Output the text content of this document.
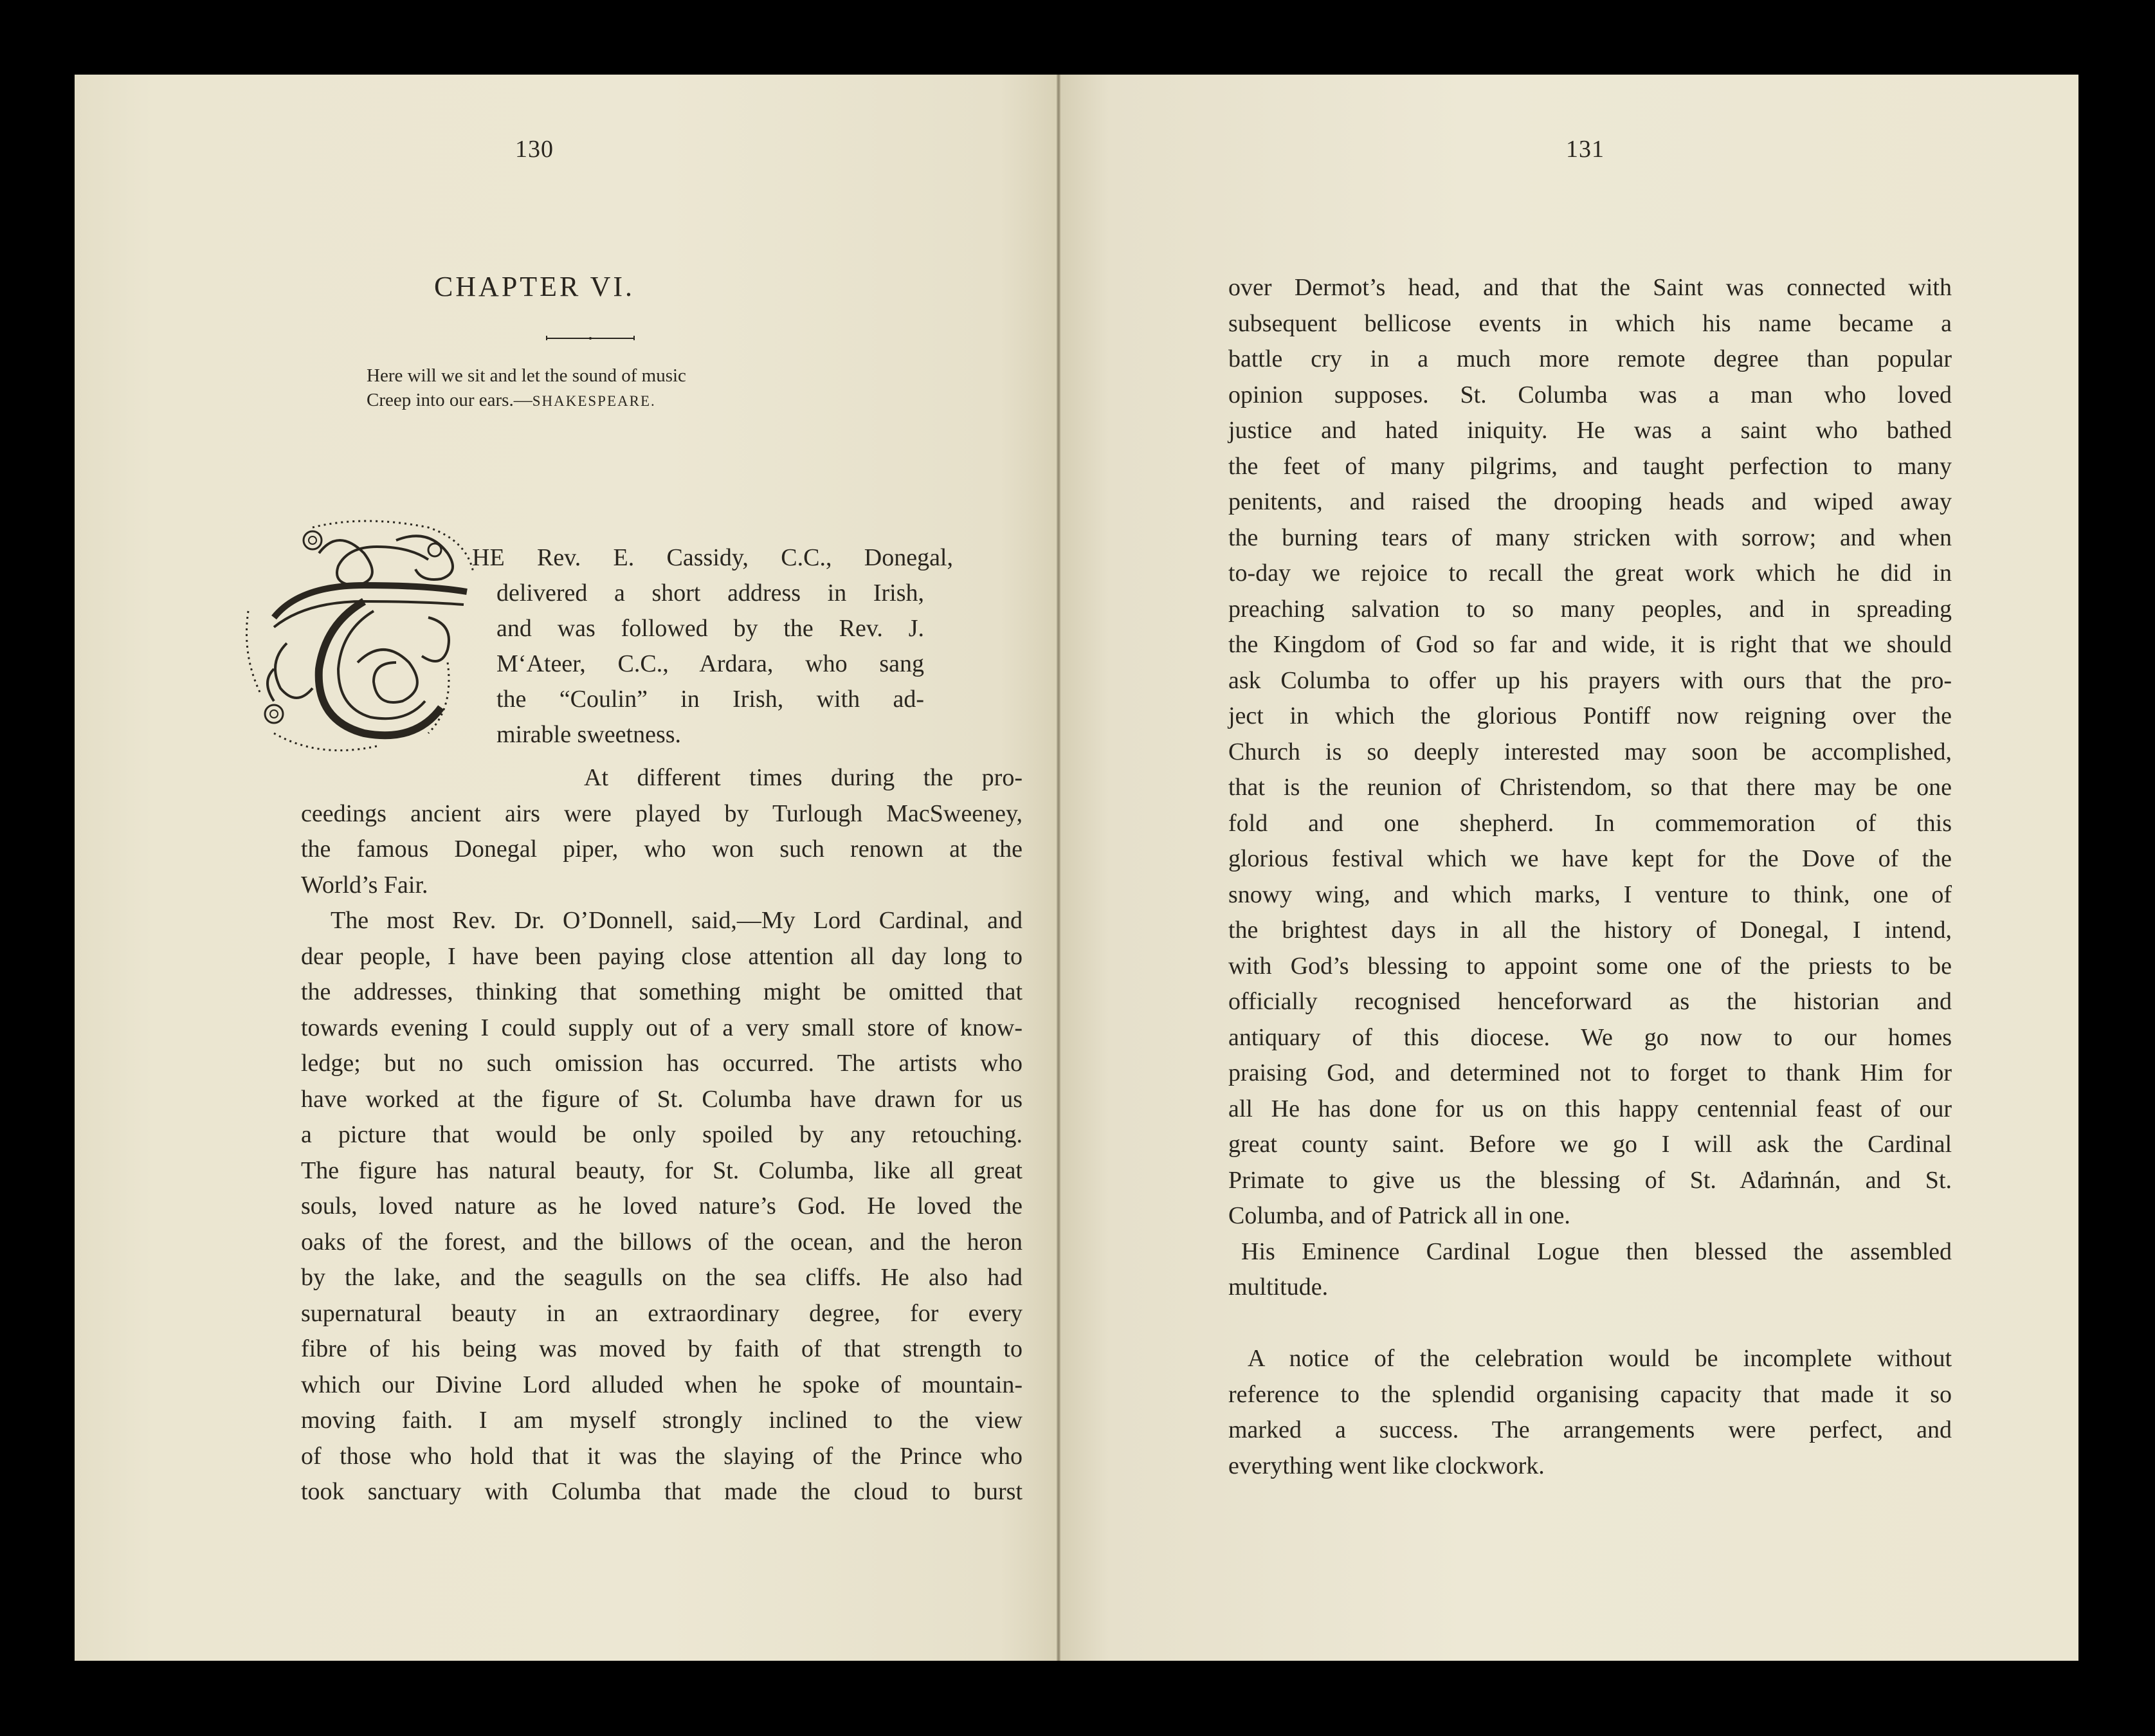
130
CHAPTER VI.
Here will we sit and let the sound of music
Creep into our ears.—SHAKESPEARE.
HE Rev. E. Cassidy, C.C., Donegal,
delivered a short address in Irish,
and was followed by the Rev. J.
M‘Ateer, C.C., Ardara, who sang
the “Coulin” in Irish, with ad-
mirable sweetness.
At different times during the pro-
ceedings ancient airs were played by Turlough MacSweeney,
the famous Donegal piper, who won such renown at the
World’s Fair.
The most Rev. Dr. O’Donnell, said,—My Lord Cardinal, and
dear people, I have been paying close attention all day long to
the addresses, thinking that something might be omitted that
towards evening I could supply out of a very small store of know-
ledge; but no such omission has occurred. The artists who
have worked at the figure of St. Columba have drawn for us
a picture that would be only spoiled by any retouching.
The figure has natural beauty, for St. Columba, like all great
souls, loved nature as he loved nature’s God. He loved the
oaks of the forest, and the billows of the ocean, and the heron
by the lake, and the seagulls on the sea cliffs. He also had
supernatural beauty in an extraordinary degree, for every
fibre of his being was moved by faith of that strength to
which our Divine Lord alluded when he spoke of mountain-
moving faith. I am myself strongly inclined to the view
of those who hold that it was the slaying of the Prince who
took sanctuary with Columba that made the cloud to burst
131
over Dermot’s head, and that the Saint was connected with
subsequent bellicose events in which his name became a
battle cry in a much more remote degree than popular
opinion supposes. St. Columba was a man who loved
justice and hated iniquity. He was a saint who bathed
the feet of many pilgrims, and taught perfection to many
penitents, and raised the drooping heads and wiped away
the burning tears of many stricken with sorrow; and when
to-day we rejoice to recall the great work which he did in
preaching salvation to so many peoples, and in spreading
the Kingdom of God so far and wide, it is right that we should
ask Columba to offer up his prayers with ours that the pro-
ject in which the glorious Pontiff now reigning over the
Church is so deeply interested may soon be accomplished,
that is the reunion of Christendom, so that there may be one
fold and one shepherd. In commemoration of this
glorious festival which we have kept for the Dove of the
snowy wing, and which marks, I venture to think, one of
the brightest days in all the history of Donegal, I intend,
with God’s blessing to appoint some one of the priests to be
officially recognised henceforward as the historian and
antiquary of this diocese. We go now to our homes
praising God, and determined not to forget to thank Him for
all He has done for us on this happy centennial feast of our
great county saint. Before we go I will ask the Cardinal
Primate to give us the blessing of St. Aḋaṁnán, and St.
Columba, and of Patrick all in one.
His Eminence Cardinal Logue then blessed the assembled
multitude.
A notice of the celebration would be incomplete without
reference to the splendid organising capacity that made it so
marked a success. The arrangements were perfect, and
everything went like clockwork.
